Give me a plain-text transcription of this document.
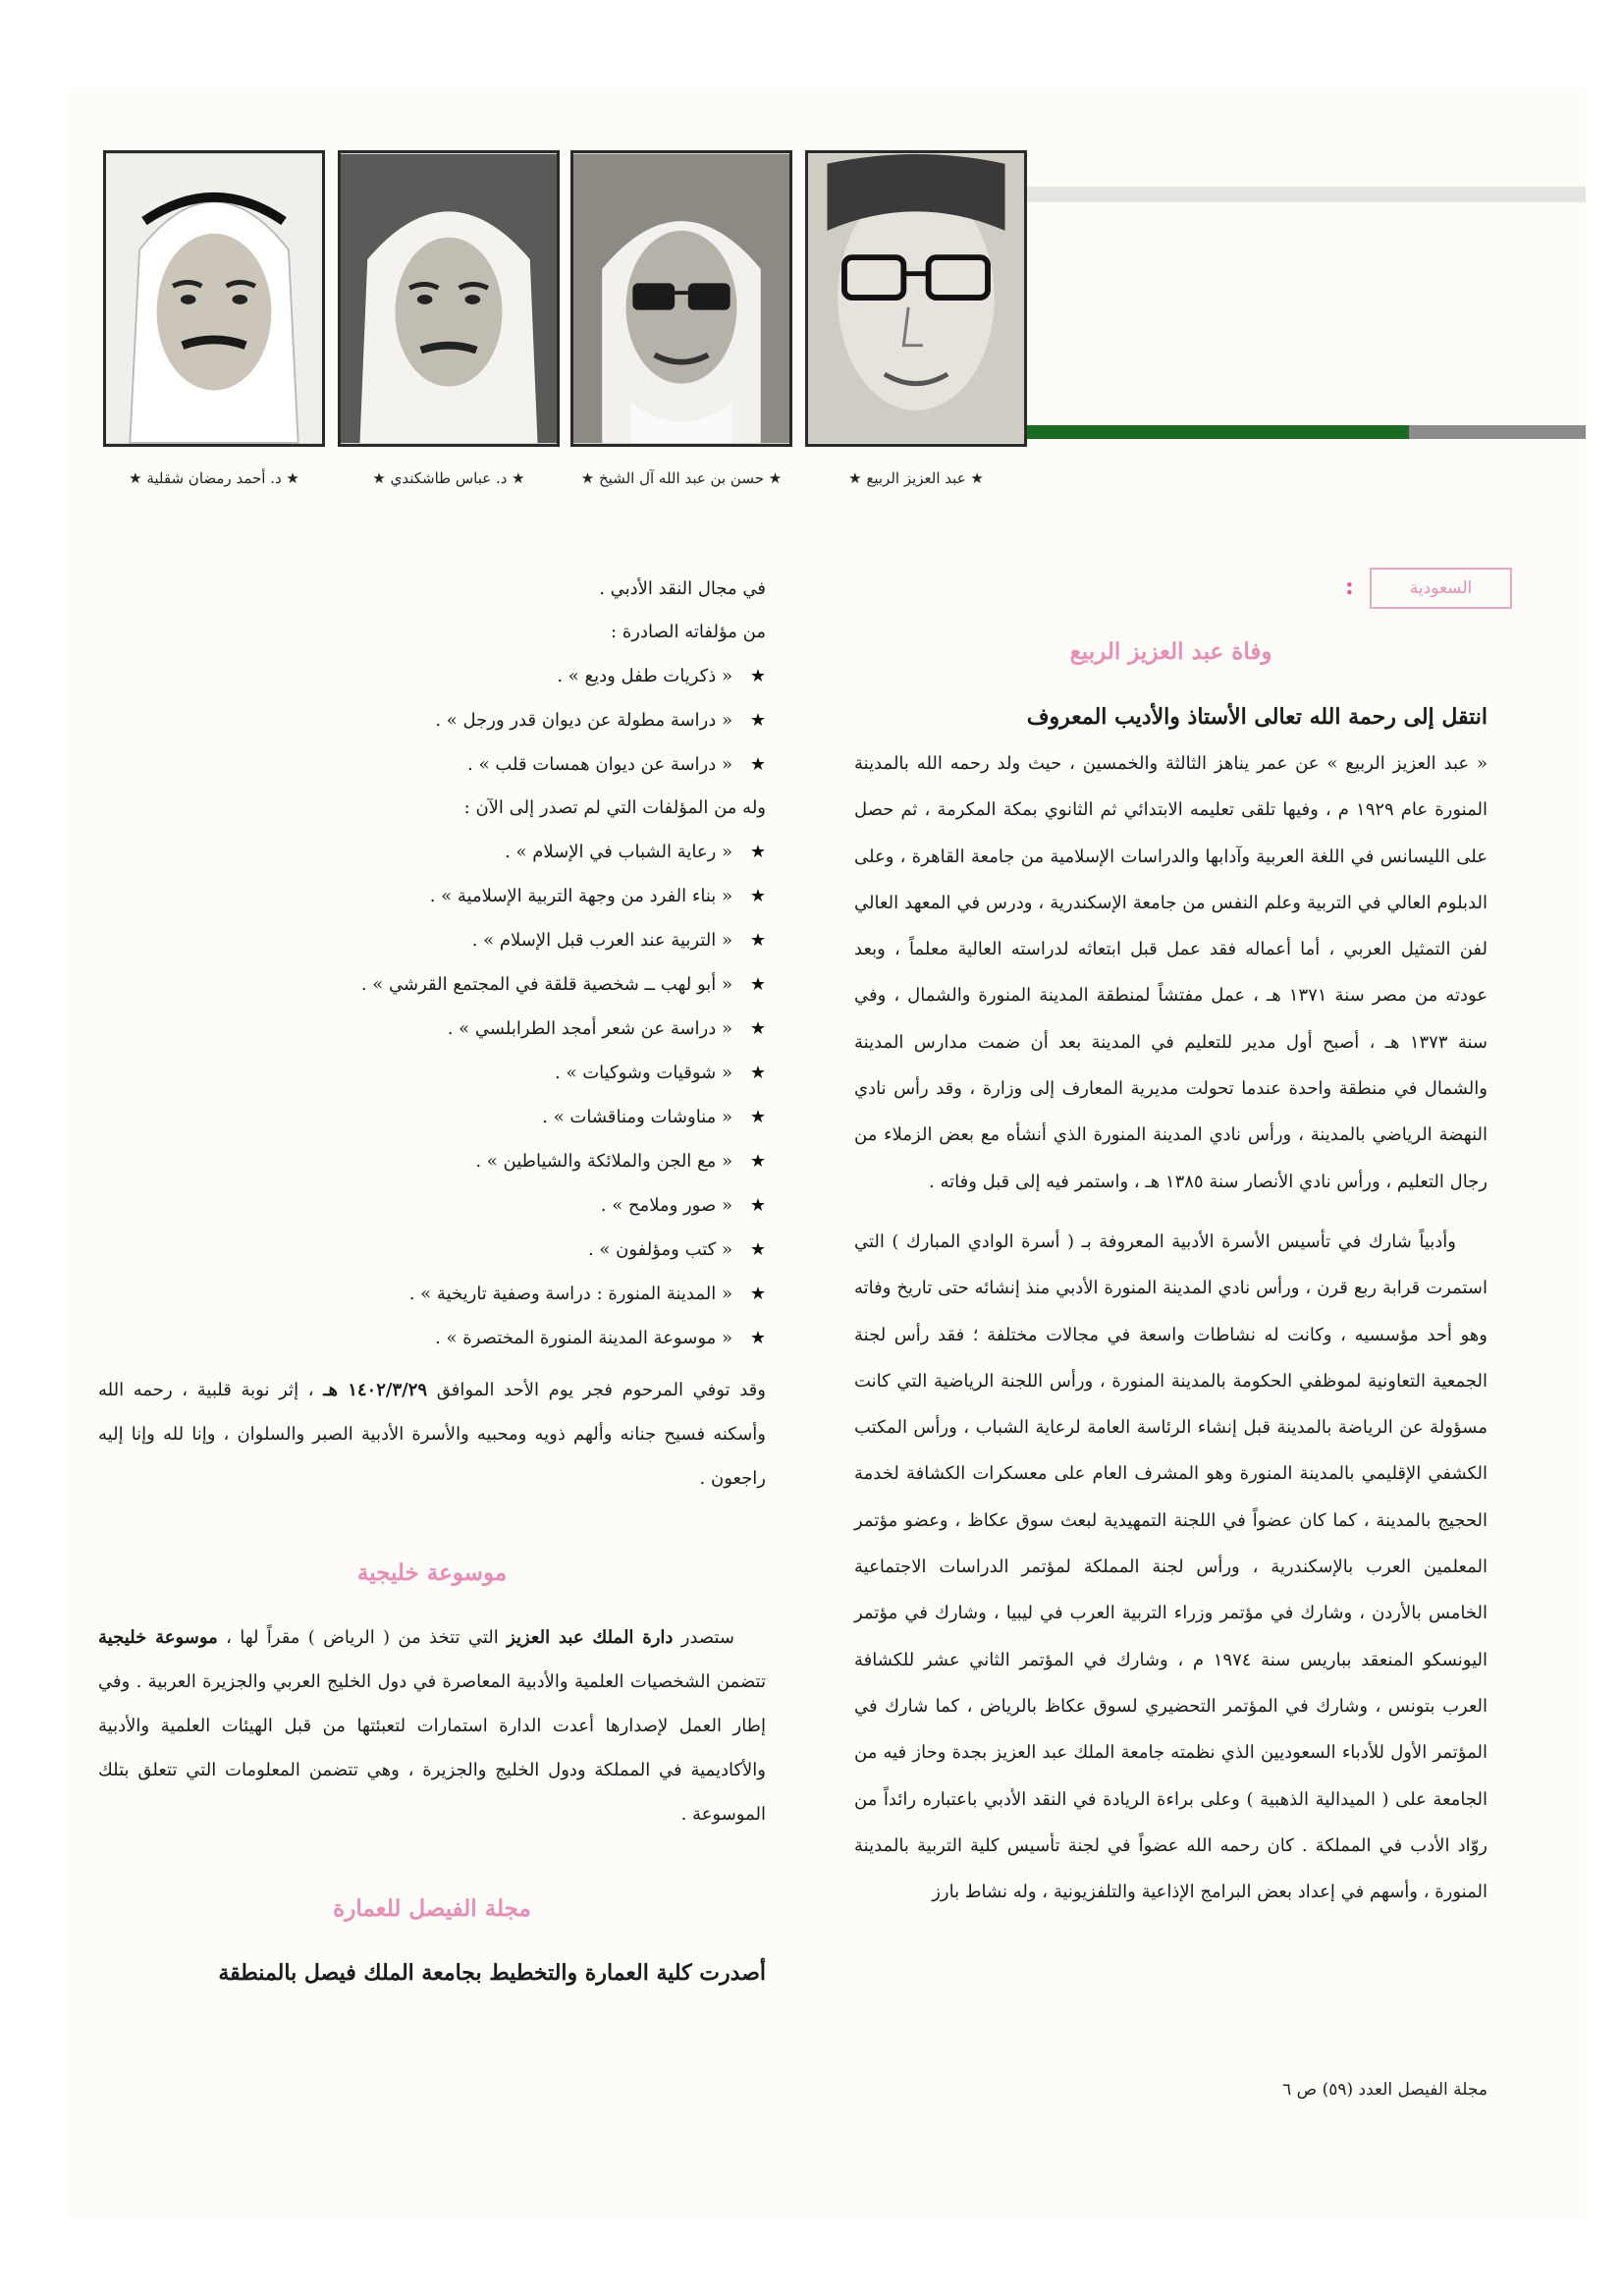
★ عبد العزيز الربيع ★
★ حسن بن عبد الله آل الشيخ ★
★ د. عباس طاشكندي ★
★ د. أحمد رمضان شقلية ★
السعودية
:
وفاة عبد العزيز الربيع

انتقل إلى رحمة الله تعالى الأستاذ والأديب المعروف

« عبد العزيز الربيع » عن عمر يناهز الثالثة والخمسين ، حيث ولد رحمه الله بالمدينة المنورة عام ١٩٢٩ م ، وفيها تلقى تعليمه الابتدائي ثم الثانوي بمكة المكرمة ، ثم حصل على الليسانس في اللغة العربية وآدابها والدراسات الإسلامية من جامعة القاهرة ، وعلى الدبلوم العالي في التربية وعلم النفس من جامعة الإسكندرية ، ودرس في المعهد العالي لفن التمثيل العربي ، أما أعماله فقد عمل قبل ابتعاثه لدراسته العالية معلماً ، وبعد عودته من مصر سنة ١٣٧١ هـ ، عمل مفتشاً لمنطقة المدينة المنورة والشمال ، وفي سنة ١٣٧٣ هـ ، أصبح أول مدير للتعليم في المدينة بعد أن ضمت مدارس المدينة والشمال في منطقة واحدة عندما تحولت مديرية المعارف إلى وزارة ، وقد رأس نادي النهضة الرياضي بالمدينة ، ورأس نادي المدينة المنورة الذي أنشأه مع بعض الزملاء من رجال التعليم ، ورأس نادي الأنصار سنة ١٣٨٥ هـ ، واستمر فيه إلى قبل وفاته .

وأدبياً شارك في تأسيس الأسرة الأدبية المعروفة بـ ( أسرة الوادي المبارك ) التي استمرت قرابة ربع قرن ، ورأس نادي المدينة المنورة الأدبي منذ إنشائه حتى تاريخ وفاته وهو أحد مؤسسيه ، وكانت له نشاطات واسعة في مجالات مختلفة ؛ فقد رأس لجنة الجمعية التعاونية لموظفي الحكومة بالمدينة المنورة ، ورأس اللجنة الرياضية التي كانت مسؤولة عن الرياضة بالمدينة قبل إنشاء الرئاسة العامة لرعاية الشباب ، ورأس المكتب الكشفي الإقليمي بالمدينة المنورة وهو المشرف العام على معسكرات الكشافة لخدمة الحجيج بالمدينة ، كما كان عضواً في اللجنة التمهيدية لبعث سوق عكاظ ، وعضو مؤتمر المعلمين العرب بالإسكندرية ، ورأس لجنة المملكة لمؤتمر الدراسات الاجتماعية الخامس بالأردن ، وشارك في مؤتمر وزراء التربية العرب في ليبيا ، وشارك في مؤتمر اليونسكو المنعقد بباريس سنة ١٩٧٤ م ، وشارك في المؤتمر الثاني عشر للكشافة العرب بتونس ، وشارك في المؤتمر التحضيري لسوق عكاظ بالرياض ، كما شارك في المؤتمر الأول للأدباء السعوديين الذي نظمته جامعة الملك عبد العزيز بجدة وحاز فيه من الجامعة على ( الميدالية الذهبية ) وعلى براءة الريادة في النقد الأدبي باعتباره رائداً من روّاد الأدب في المملكة . كان رحمه الله عضواً في لجنة تأسيس كلية التربية بالمدينة المنورة ، وأسهم في إعداد بعض البرامج الإذاعية والتلفزيونية ، وله نشاط بارز

في مجال النقد الأدبي .
من مؤلفاته الصادرة :
★
« ذكريات طفل وديع » .
★
« دراسة مطولة عن ديوان قدر ورجل » .
★
« دراسة عن ديوان همسات قلب » .
وله من المؤلفات التي لم تصدر إلى الآن :
★
« رعاية الشباب في الإسلام » .
★
« بناء الفرد من وجهة التربية الإسلامية » .
★
« التربية عند العرب قبل الإسلام » .
★
« أبو لهب ــ شخصية قلقة في المجتمع القرشي » .
★
« دراسة عن شعر أمجد الطرابلسي » .
★
« شوقيات وشوكيات » .
★
« مناوشات ومناقشات » .
★
« مع الجن والملائكة والشياطين » .
★
« صور وملامح » .
★
« كتب ومؤلفون » .
★
« المدينة المنورة : دراسة وصفية تاريخية » .
★
« موسوعة المدينة المنورة المختصرة » .

وقد توفي المرحوم فجر يوم الأحد الموافق ١٤٠٢/٣/٢٩ هـ ، إثر نوبة قلبية ، رحمه الله وأسكنه فسيح جنانه وألهم ذويه ومحبيه والأسرة الأدبية الصبر والسلوان ، وإنا لله وإنا إليه راجعون .

موسوعة خليجية

ستصدر دارة الملك عبد العزيز التي تتخذ من ( الرياض ) مقراً لها ، موسوعة خليجية تتضمن الشخصيات العلمية والأدبية المعاصرة في دول الخليج العربي والجزيرة العربية . وفي إطار العمل لإصدارها أعدت الدارة استمارات لتعبئتها من قبل الهيئات العلمية والأدبية والأكاديمية في المملكة ودول الخليج والجزيرة ، وهي تتضمن المعلومات التي تتعلق بتلك الموسوعة .

مجلة الفيصل للعمارة

أصدرت كلية العمارة والتخطيط بجامعة الملك فيصل بالمنطقة

مجلة الفيصل العدد (٥٩) ص ٦
